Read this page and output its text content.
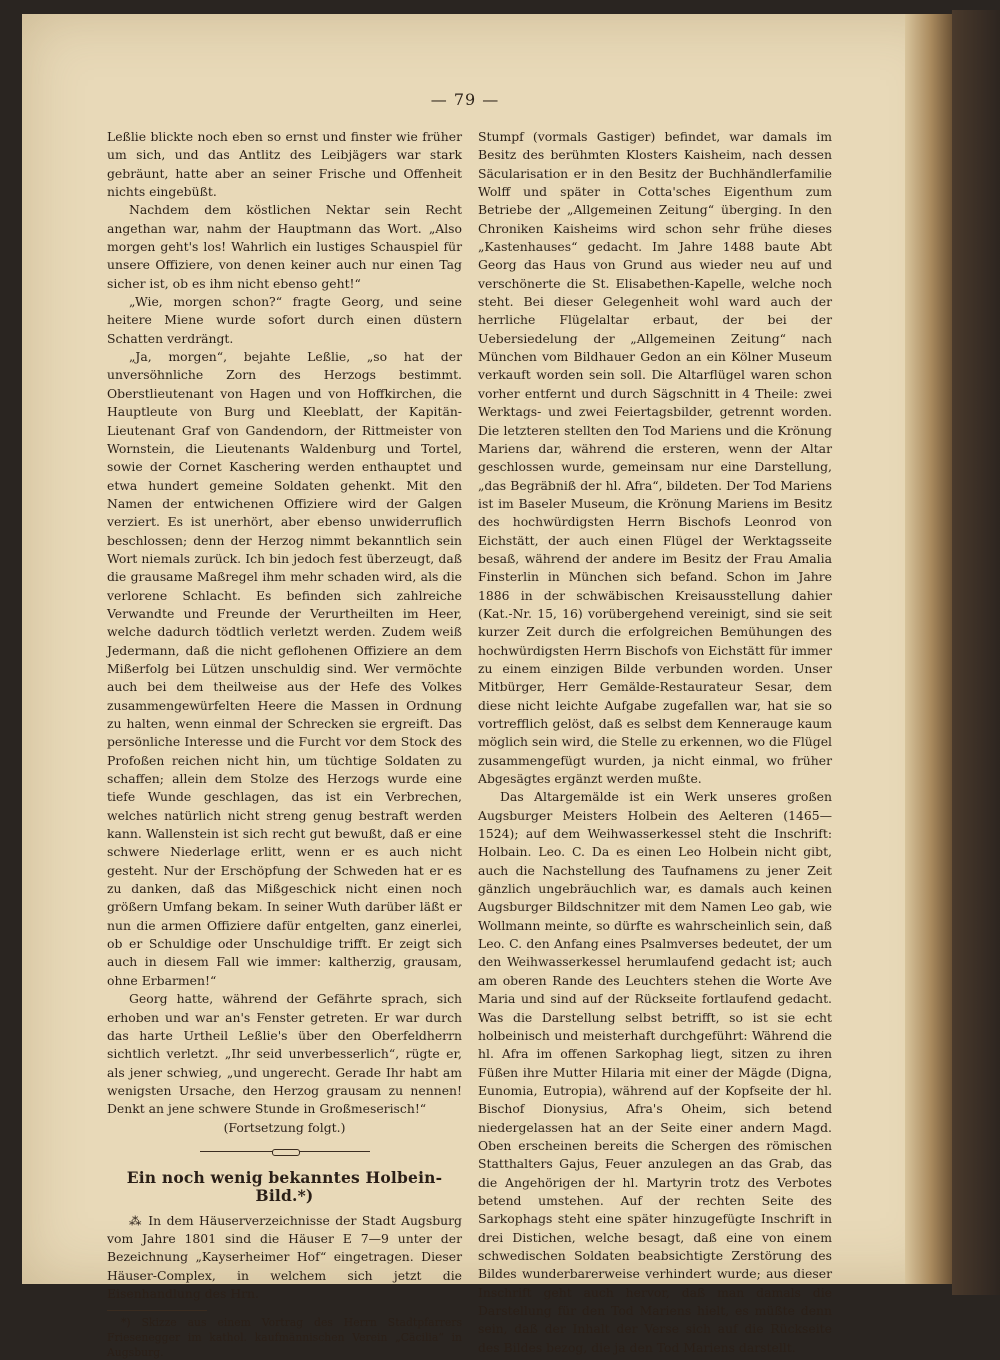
— 79 —

Leßlie blickte noch eben so ernst und finster wie früher um sich, und das Antlitz des Leibjägers war stark gebräunt, hatte aber an seiner Frische und Offenheit nichts eingebüßt.

Nachdem dem köstlichen Nektar sein Recht angethan war, nahm der Hauptmann das Wort. „Also morgen geht's los! Wahrlich ein lustiges Schauspiel für unsere Offiziere, von denen keiner auch nur einen Tag sicher ist, ob es ihm nicht ebenso geht!“

„Wie, morgen schon?“ fragte Georg, und seine heitere Miene wurde sofort durch einen düstern Schatten verdrängt.

„Ja, morgen“, bejahte Leßlie, „so hat der unversöhnliche Zorn des Herzogs bestimmt. Oberstlieutenant von Hagen und von Hoffkirchen, die Hauptleute von Burg und Kleeblatt, der Kapitän-Lieutenant Graf von Gandendorn, der Rittmeister von Wornstein, die Lieutenants Waldenburg und Tortel, sowie der Cornet Kaschering werden enthauptet und etwa hundert gemeine Soldaten gehenkt. Mit den Namen der entwichenen Offiziere wird der Galgen verziert. Es ist unerhört, aber ebenso unwiderruflich beschlossen; denn der Herzog nimmt bekanntlich sein Wort niemals zurück. Ich bin jedoch fest überzeugt, daß die grausame Maßregel ihm mehr schaden wird, als die verlorene Schlacht. Es befinden sich zahlreiche Verwandte und Freunde der Verurtheilten im Heer, welche dadurch tödtlich verletzt werden. Zudem weiß Jedermann, daß die nicht geflohenen Offiziere an dem Mißerfolg bei Lützen unschuldig sind. Wer vermöchte auch bei dem theilweise aus der Hefe des Volkes zusammengewürfelten Heere die Massen in Ordnung zu halten, wenn einmal der Schrecken sie ergreift. Das persönliche Interesse und die Furcht vor dem Stock des Profoßen reichen nicht hin, um tüchtige Soldaten zu schaffen; allein dem Stolze des Herzogs wurde eine tiefe Wunde geschlagen, das ist ein Verbrechen, welches natürlich nicht streng genug bestraft werden kann. Wallenstein ist sich recht gut bewußt, daß er eine schwere Niederlage erlitt, wenn er es auch nicht gesteht. Nur der Erschöpfung der Schweden hat er es zu danken, daß das Mißgeschick nicht einen noch größern Umfang bekam. In seiner Wuth darüber läßt er nun die armen Offiziere dafür entgelten, ganz einerlei, ob er Schuldige oder Unschuldige trifft. Er zeigt sich auch in diesem Fall wie immer: kaltherzig, grausam, ohne Erbarmen!“

Georg hatte, während der Gefährte sprach, sich erhoben und war an's Fenster getreten. Er war durch das harte Urtheil Leßlie's über den Oberfeldherrn sichtlich verletzt. „Ihr seid unverbesserlich“, rügte er, als jener schwieg, „und ungerecht. Gerade Ihr habt am wenigsten Ursache, den Herzog grausam zu nennen! Denkt an jene schwere Stunde in Großmeserisch!“

(Fortsetzung folgt.)

Ein noch wenig bekanntes Holbein-Bild.*)

⁂ In dem Häuserverzeichnisse der Stadt Augsburg vom Jahre 1801 sind die Häuser E 7—9 unter der Bezeichnung „Kayserheimer Hof“ eingetragen. Dieser Häuser-Complex, in welchem sich jetzt die Eisenhandlung des Hrn.

*) Skizze aus einem Vortrag des Herrn Stadtpfarrers Friesenegger im kathol. kaufmännischen Verein „Cäcilia“ in Augsburg.

Stumpf (vormals Gastiger) befindet, war damals im Besitz des berühmten Klosters Kaisheim, nach dessen Säcularisation er in den Besitz der Buchhändlerfamilie Wolff und später in Cotta'sches Eigenthum zum Betriebe der „Allgemeinen Zeitung“ überging. In den Chroniken Kaisheims wird schon sehr frühe dieses „Kastenhauses“ gedacht. Im Jahre 1488 baute Abt Georg das Haus von Grund aus wieder neu auf und verschönerte die St. Elisabethen-Kapelle, welche noch steht. Bei dieser Gelegenheit wohl ward auch der herrliche Flügelaltar erbaut, der bei der Uebersiedelung der „Allgemeinen Zeitung“ nach München vom Bildhauer Gedon an ein Kölner Museum verkauft worden sein soll. Die Altarflügel waren schon vorher entfernt und durch Sägschnitt in 4 Theile: zwei Werktags- und zwei Feiertagsbilder, getrennt worden. Die letzteren stellten den Tod Mariens und die Krönung Mariens dar, während die ersteren, wenn der Altar geschlossen wurde, gemeinsam nur eine Darstellung, „das Begräbniß der hl. Afra“, bildeten. Der Tod Mariens ist im Baseler Museum, die Krönung Mariens im Besitz des hochwürdigsten Herrn Bischofs Leonrod von Eichstätt, der auch einen Flügel der Werktagsseite besaß, während der andere im Besitz der Frau Amalia Finsterlin in München sich befand. Schon im Jahre 1886 in der schwäbischen Kreisausstellung dahier (Kat.-Nr. 15, 16) vorübergehend vereinigt, sind sie seit kurzer Zeit durch die erfolgreichen Bemühungen des hochwürdigsten Herrn Bischofs von Eichstätt für immer zu einem einzigen Bilde verbunden worden. Unser Mitbürger, Herr Gemälde-Restaurateur Sesar, dem diese nicht leichte Aufgabe zugefallen war, hat sie so vortrefflich gelöst, daß es selbst dem Kennerauge kaum möglich sein wird, die Stelle zu erkennen, wo die Flügel zusammengefügt wurden, ja nicht einmal, wo früher Abgesägtes ergänzt werden mußte.

Das Altargemälde ist ein Werk unseres großen Augsburger Meisters Holbein des Aelteren (1465—1524); auf dem Weihwasserkessel steht die Inschrift: Holbain. Leo. C. Da es einen Leo Holbein nicht gibt, auch die Nachstellung des Taufnamens zu jener Zeit gänzlich ungebräuchlich war, es damals auch keinen Augsburger Bildschnitzer mit dem Namen Leo gab, wie Wollmann meinte, so dürfte es wahrscheinlich sein, daß Leo. C. den Anfang eines Psalmverses bedeutet, der um den Weihwasserkessel herumlaufend gedacht ist; auch am oberen Rande des Leuchters stehen die Worte Ave Maria und sind auf der Rückseite fortlaufend gedacht. Was die Darstellung selbst betrifft, so ist sie echt holbeinisch und meisterhaft durchgeführt: Während die hl. Afra im offenen Sarkophag liegt, sitzen zu ihren Füßen ihre Mutter Hilaria mit einer der Mägde (Digna, Eunomia, Eutropia), während auf der Kopfseite der hl. Bischof Dionysius, Afra's Oheim, sich betend niedergelassen hat an der Seite einer andern Magd. Oben erscheinen bereits die Schergen des römischen Statthalters Gajus, Feuer anzulegen an das Grab, das die Angehörigen der hl. Martyrin trotz des Verbotes betend umstehen. Auf der rechten Seite des Sarkophags steht eine später hinzugefügte Inschrift in drei Distichen, welche besagt, daß eine von einem schwedischen Soldaten beabsichtigte Zerstörung des Bildes wunderbarerweise verhindert wurde; aus dieser Inschrift geht auch hervor, daß man damals die Darstellung für den Tod Mariens hielt, es müßte denn sein, daß der Inhalt der Verse sich auf die Rückseite des Bildes bezog, die ja den Tod Mariens darstellt.
